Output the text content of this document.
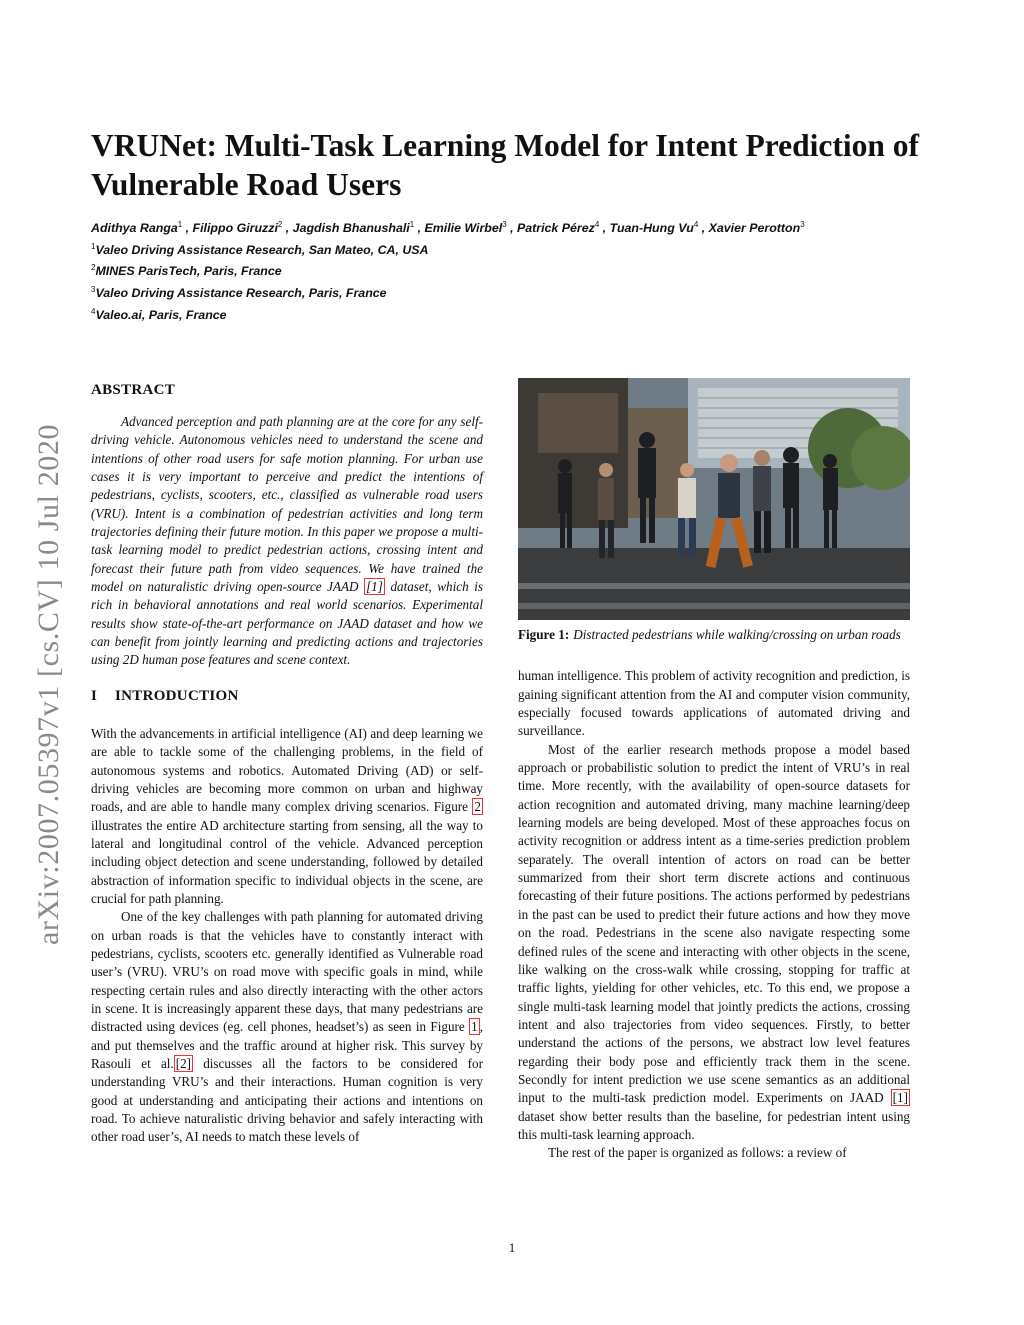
VRUNet: Multi-Task Learning Model for Intent Prediction of Vulnerable Road Users
Adithya Ranga$^1$ , Filippo Giruzzi$^2$ , Jagdish Bhanushali$^1$ , Emilie Wirbel$^3$ , Patrick Pérez$^4$ , Tuan-Hung Vu$^4$ , Xavier Perotton$^3$
$^1$Valeo Driving Assistance Research, San Mateo, CA, USA
$^2$MINES ParisTech, Paris, France
$^3$Valeo Driving Assistance Research, Paris, France
$^4$Valeo.ai, Paris, France
arXiv:2007.05397v1 [cs.CV] 10 Jul 2020
ABSTRACT

Advanced perception and path planning are at the core for any self-driving vehicle. Autonomous vehicles need to understand the scene and intentions of other road users for safe motion planning. For urban use cases it is very important to perceive and predict the intentions of pedestrians, cyclists, scooters, etc., classified as vulnerable road users (VRU). Intent is a combination of pedestrian activities and long term trajectories defining their future motion. In this paper we propose a multi-task learning model to predict pedestrian actions, crossing intent and forecast their future path from video sequences. We have trained the model on naturalistic driving open-source JAAD [1] dataset, which is rich in behavioral annotations and real world scenarios. Experimental results show state-of-the-art performance on JAAD dataset and how we can benefit from jointly learning and predicting actions and trajectories using 2D human pose features and scene context.

I INTRODUCTION

With the advancements in artificial intelligence (AI) and deep learning we are able to tackle some of the challenging problems, in the field of autonomous systems and robotics. Automated Driving (AD) or self-driving vehicles are becoming more common on urban and highway roads, and are able to handle many complex driving scenarios. Figure 2 illustrates the entire AD architecture starting from sensing, all the way to lateral and longitudinal control of the vehicle. Advanced perception including object detection and scene understanding, followed by detailed abstraction of information specific to individual objects in the scene, are crucial for path planning.

One of the key challenges with path planning for automated driving on urban roads is that the vehicles have to constantly interact with pedestrians, cyclists, scooters etc. generally identified as Vulnerable road user’s (VRU). VRU’s on road move with specific goals in mind, while respecting certain rules and also directly interacting with the other actors in scene. It is increasingly apparent these days, that many pedestrians are distracted using devices (eg. cell phones, headset’s) as seen in Figure 1 , and put themselves and the traffic around at higher risk. This survey by Rasouli et al. [2] discusses all the factors to be considered for understanding VRU’s and their interactions. Human cognition is very good at understanding and anticipating their actions and intentions on road. To achieve naturalistic driving behavior and safely interacting with other road user’s, AI needs to match these levels of

Figure 1: Distracted pedestrians while walking/crossing on urban roads

human intelligence. This problem of activity recognition and prediction, is gaining significant attention from the AI and computer vision community, especially focused towards applications of automated driving and surveillance.

Most of the earlier research methods propose a model based approach or probabilistic solution to predict the intent of VRU’s in real time. More recently, with the availability of open-source datasets for action recognition and automated driving, many machine learning/deep learning models are being developed. Most of these approaches focus on activity recognition or address intent as a time-series prediction problem separately. The overall intention of actors on road can be better summarized from their short term discrete actions and continuous forecasting of their future positions. The actions performed by pedestrians in the past can be used to predict their future actions and how they move on the road. Pedestrians in the scene also navigate respecting some defined rules of the scene and interacting with other objects in the scene, like walking on the cross-walk while crossing, stopping for traffic at traffic lights, yielding for other vehicles, etc. To this end, we propose a single multi-task learning model that jointly predicts the actions, crossing intent and also trajectories from video sequences. Firstly, to better understand the actions of the persons, we abstract low level features regarding their body pose and efficiently track them in the scene. Secondly for intent prediction we use scene semantics as an additional input to the multi-task prediction model. Experiments on JAAD [1] dataset show better results than the baseline, for pedestrian intent using this multi-task learning approach.

The rest of the paper is organized as follows: a review of

1
